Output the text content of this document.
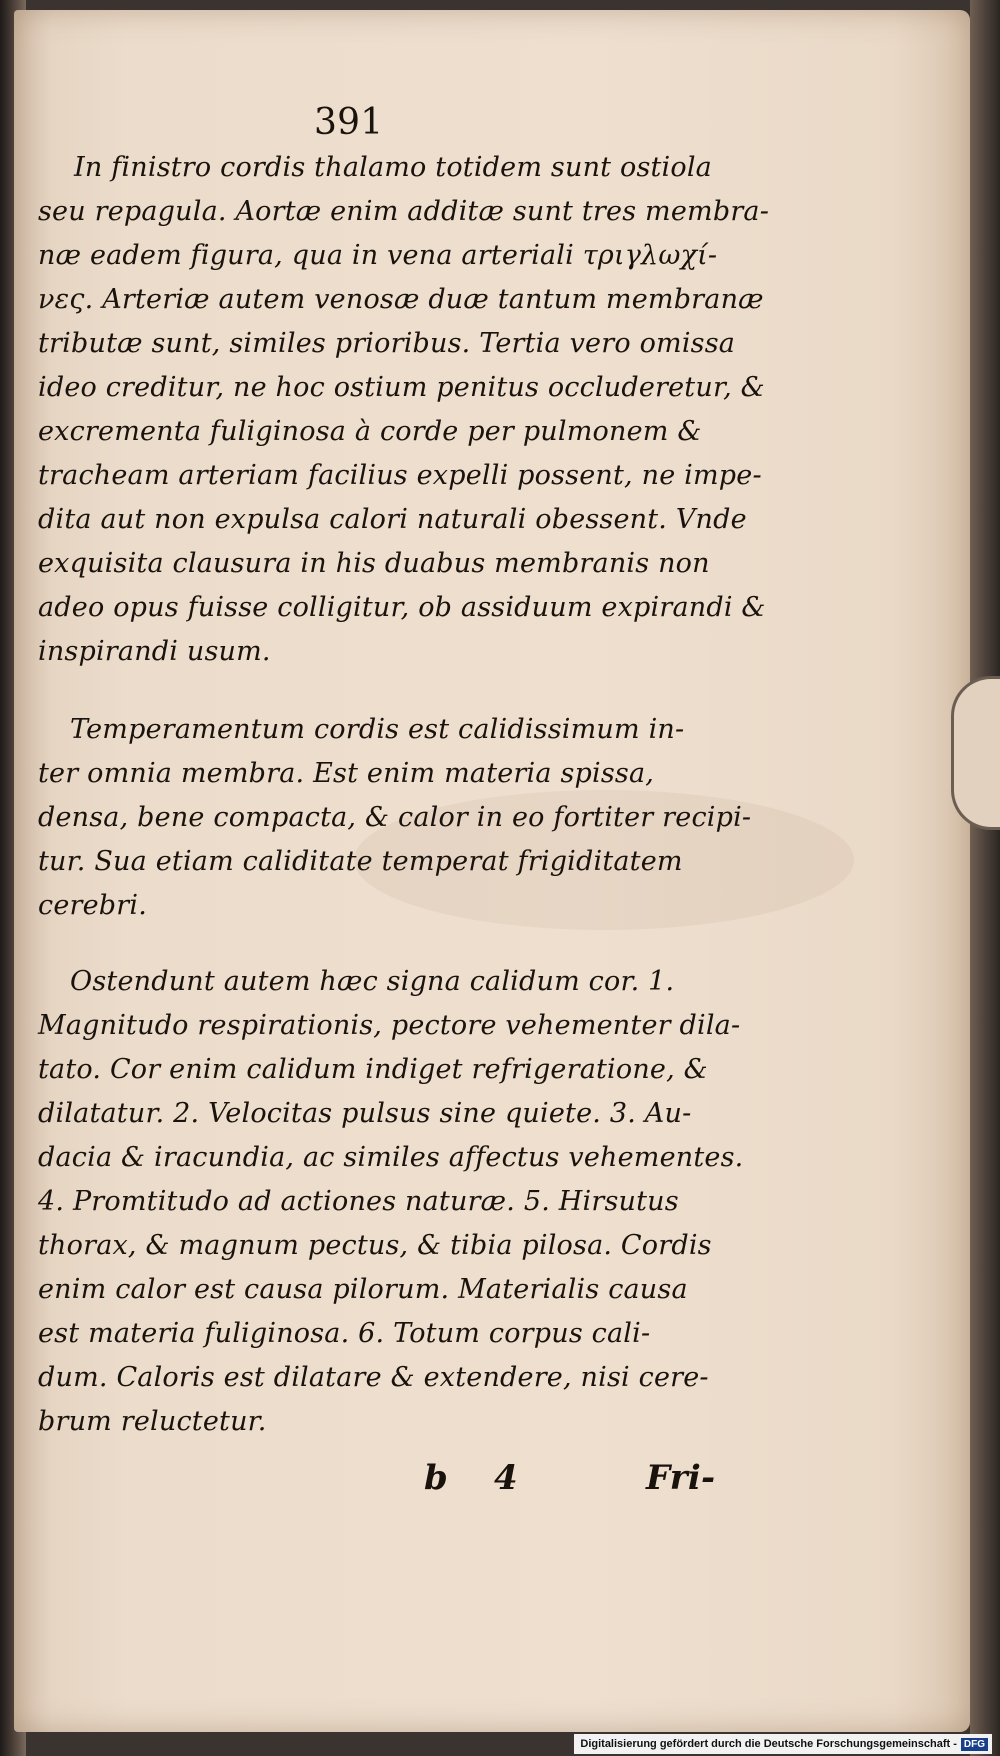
391
In finistro cordis thalamo totidem sunt ostiola
seu repagula. Aortæ enim additæ sunt tres membra-
næ eadem figura, qua in vena arteriali τριγλωχί-
νες. Arteriæ autem venosæ duæ tantum membranæ
tributæ sunt, similes prioribus. Tertia vero omissa
ideo creditur, ne hoc ostium penitus occluderetur, &
excrementa fuliginosa à corde per pulmonem &
tracheam arteriam facilius expelli possent, ne impe-
dita aut non expulsa calori naturali obessent. Vnde
exquisita clausura in his duabus membranis non
adeo opus fuisse colligitur, ob assiduum expirandi &
inspirandi usum.
Temperamentum cordis est calidissimum in-
ter omnia membra. Est enim materia spissa,
densa, bene compacta, & calor in eo fortiter recipi-
tur. Sua etiam caliditate temperat frigiditatem
cerebri.
Ostendunt autem hæc signa calidum cor. 1.
Magnitudo respirationis, pectore vehementer dila-
tato. Cor enim calidum indiget refrigeratione, &
dilatatur. 2. Velocitas pulsus sine quiete. 3. Au-
dacia & iracundia, ac similes affectus vehementes.
4. Promtitudo ad actiones naturæ. 5. Hirsutus
thorax, & magnum pectus, & tibia pilosa. Cordis
enim calor est causa pilorum. Materialis causa
est materia fuliginosa. 6. Totum corpus cali-
dum. Caloris est dilatare & extendere, nisi cere-
brum reluctetur.
b 4	Fri-
Digitalisierung gefördert durch die Deutsche Forschungsgemeinschaft - DFG
